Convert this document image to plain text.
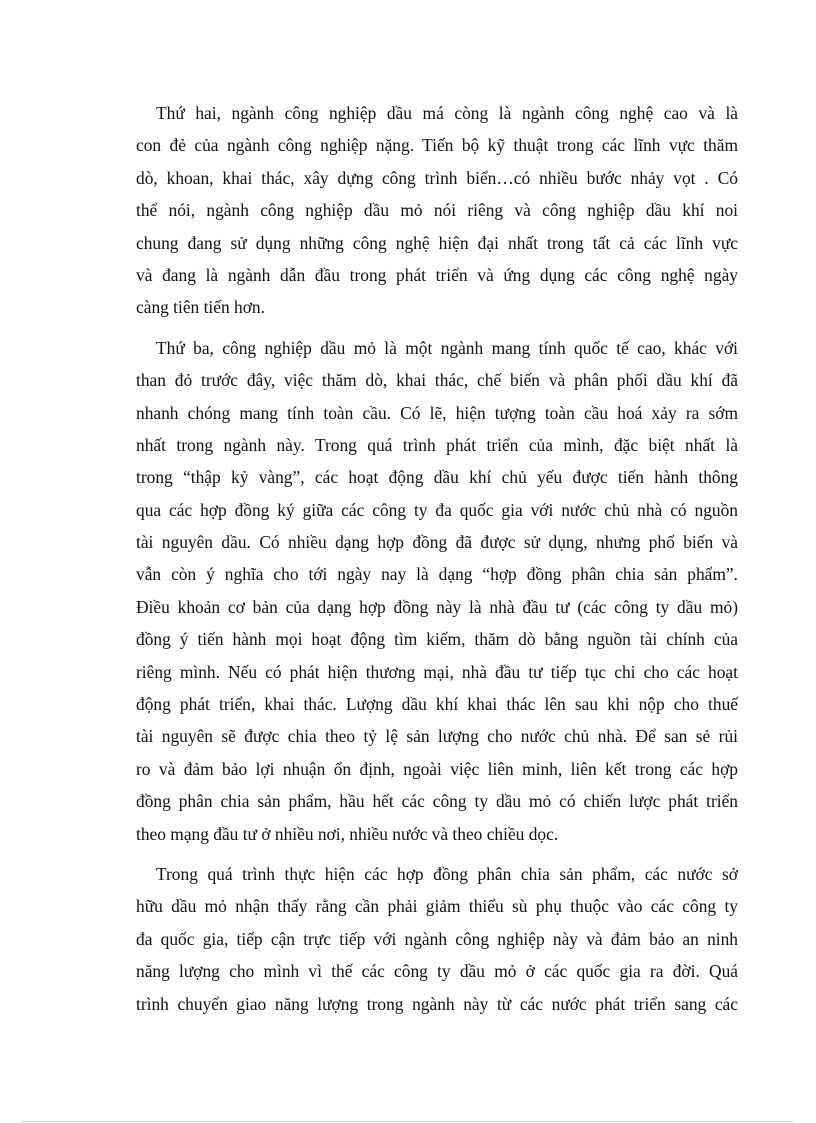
Thứ hai, ngành công nghiệp dầu má còng là ngành công nghệ cao và là
con đẻ của ngành công nghiệp nặng. Tiến bộ kỹ thuật trong các lĩnh vực thăm
dò, khoan, khai thác, xây dựng công trình biển…có nhiều bước nhảy vọt . Có
thể nói, ngành công nghiệp dầu mỏ nói riêng và công nghiệp dầu khí noi
chung đang sử dụng những công nghệ hiện đại nhất trong tất cả các lĩnh vực
và đang là ngành dẫn đầu trong phát triển và ứng dụng các công nghệ ngày
càng tiên tiến hơn.
Thứ ba, công nghiệp dầu mỏ là một ngành mang tính quốc tế cao, khác với
than đỏ trước đây, việc thăm dò, khai thác, chế biến và phân phối dầu khí đã
nhanh chóng mang tính toàn cầu. Có lẽ, hiện tượng toàn cầu hoá xảy ra sớm
nhất trong ngành này. Trong quá trình phát triển của mình, đặc biệt nhất là
trong “thập kỷ vàng”, các hoạt động dầu khí chủ yếu được tiến hành thông
qua các hợp đồng ký giữa các công ty đa quốc gia với nước chủ nhà có nguồn
tài nguyên dầu. Có nhiều dạng hợp đồng đã được sử dụng, nhưng phổ biến và
vẫn còn ý nghĩa cho tới ngày nay là dạng “hợp đồng phân chia sản phẩm”.
Điều khoản cơ bản của dạng hợp đồng này là nhà đầu tư (các công ty dầu mỏ)
đồng ý tiến hành mọi hoạt động tìm kiếm, thăm dò bằng nguồn tài chính của
riêng mình. Nếu có phát hiện thương mại, nhà đầu tư tiếp tục chi cho các hoạt
động phát triển, khai thác. Lượng dầu khí khai thác lên sau khi nộp cho thuế
tài nguyên sẽ được chia theo tỷ lệ sản lượng cho nước chủ nhà. Để san sẻ rủi
ro và đảm bảo lợi nhuận ổn định, ngoài việc liên minh, liên kết trong các hợp
đồng phân chia sản phẩm, hầu hết các công ty dầu mỏ có chiến lược phát triển
theo mạng đầu tư ở nhiều nơi, nhiều nước và theo chiều dọc.
Trong quá trình thực hiện các hợp đồng phân chia sản phẩm, các nước sở
hữu dầu mỏ nhận thấy rằng cần phải giảm thiểu sù phụ thuộc vào các công ty
đa quốc gia, tiếp cận trực tiếp với ngành công nghiệp này và đảm bảo an ninh
năng lượng cho mình vì thế các công ty dầu mỏ ở các quốc gia ra đời. Quá
trình chuyển giao năng lượng trong ngành này từ các nước phát triển sang các
